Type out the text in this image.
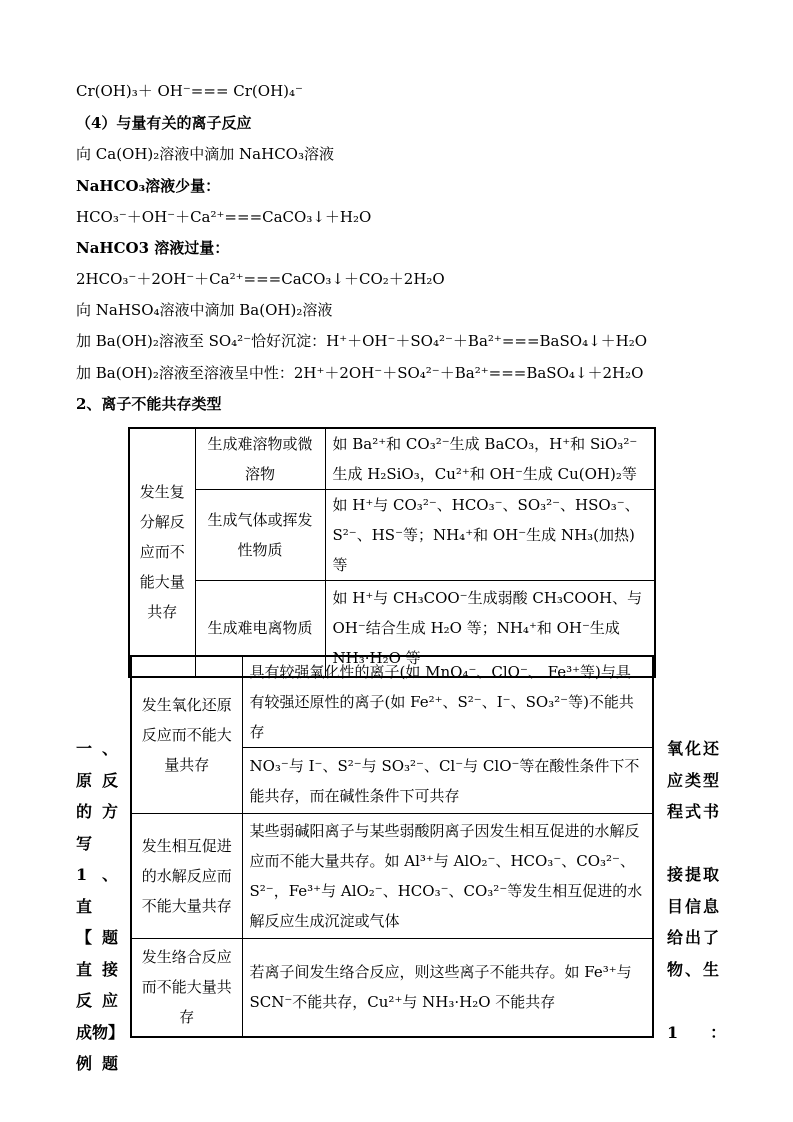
Cr(OH)₃＋ OH⁻=== Cr(OH)₄⁻
（4）与量有关的离子反应
向 Ca(OH)₂溶液中滴加 NaHCO₃溶液
NaHCO₃溶液少量：
HCO₃⁻＋OH⁻＋Ca²⁺===CaCO₃↓＋H₂O
NaHCO3 溶液过量：
2HCO₃⁻＋2OH⁻＋Ca²⁺===CaCO₃↓＋CO₂＋2H₂O
向 NaHSO₄溶液中滴加 Ba(OH)₂溶液
加 Ba(OH)₂溶液至 SO₄²⁻恰好沉淀：H⁺＋OH⁻＋SO₄²⁻＋Ba²⁺===BaSO₄↓＋H₂O
加 Ba(OH)₂溶液至溶液呈中性：2H⁺＋2OH⁻＋SO₄²⁻＋Ba²⁺===BaSO₄↓＋2H₂O
2、离子不能共存类型
发生复分解反应而不能大量共存	生成难溶物或微溶物	如 Ba²⁺和 CO₃²⁻生成 BaCO₃，H⁺和 SiO₃²⁻生成 H₂SiO₃，Cu²⁺和 OH⁻生成 Cu(OH)₂等
	生成气体或挥发性物质	如 H⁺与 CO₃²⁻、HCO₃⁻、SO₃²⁻、HSO₃⁻、S²⁻、HS⁻等；NH₄⁺和 OH⁻生成 NH₃(加热)等
	生成难电离物质	如 H⁺与 CH₃COO⁻生成弱酸 CH₃COOH、与 OH⁻结合生成 H₂O 等；NH₄⁺和 OH⁻生成 NH₃·H₂O 等
发生氧化还原反应而不能大量共存	具有较强氧化性的离子(如 MnO₄⁻、ClO⁻、 Fe³⁺等)与具有较强还原性的离子(如 Fe²⁺、S²⁻、I⁻、SO₃²⁻等)不能共存
	NO₃⁻与 I⁻、S²⁻与 SO₃²⁻、Cl⁻与 ClO⁻等在酸性条件下不能共存，而在碱性条件下可共存
发生相互促进的水解反应而不能大量共存	某些弱碱阳离子与某些弱酸阴离子因发生相互促进的水解反应而不能大量共存。如 Al³⁺与 AlO₂⁻、HCO₃⁻、CO₃²⁻、S²⁻，Fe³⁺与 AlO₂⁻、HCO₃⁻、CO₃²⁻等发生相互促进的水解反应生成沉淀或气体
发生络合反应而不能大量共存	若离子间发生络合反应，则这些离子不能共存。如 Fe³⁺与 SCN⁻不能共存，Cu²⁺与 NH₃·H₂O 不能共存
一、
原 反
的 方
写
1、直
【 题
直 接
反 应
成物】
例 题
氧化还
应类型
程式书
接提取
目信息
给出了
物、生
1　　：
